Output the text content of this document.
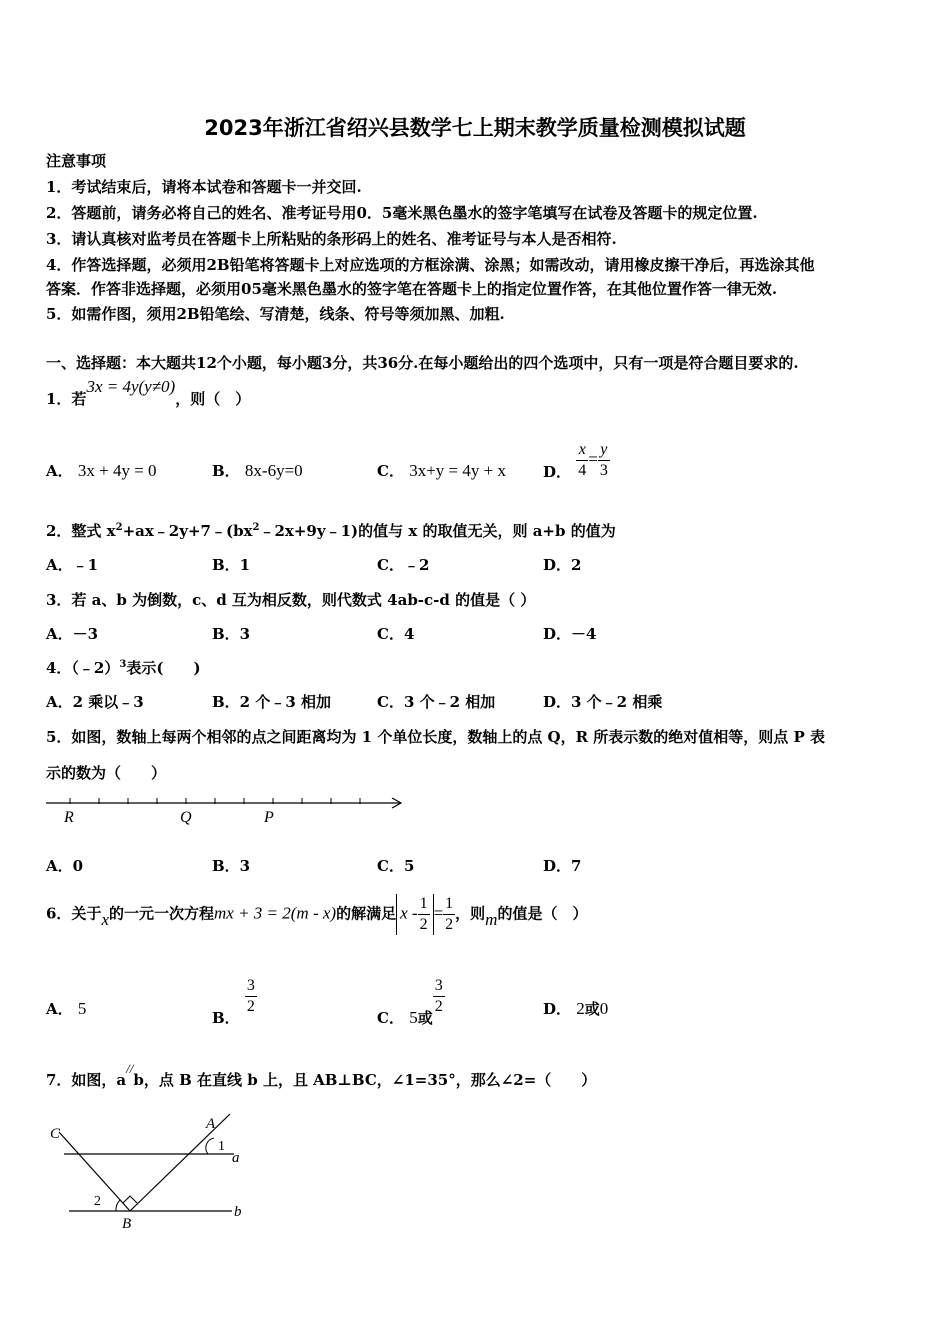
2023年浙江省绍兴县数学七上期末教学质量检测模拟试题
注意事项
1．考试结束后，请将本试卷和答题卡一并交回.
2．答题前，请务必将自己的姓名、准考证号用0．5毫米黑色墨水的签字笔填写在试卷及答题卡的规定位置.
3．请认真核对监考员在答题卡上所粘贴的条形码上的姓名、准考证号与本人是否相符.
4．作答选择题，必须用2B铅笔将答题卡上对应选项的方框涂满、涂黑；如需改动，请用橡皮擦干净后，再选涂其他
答案．作答非选择题，必须用05毫米黑色墨水的签字笔在答题卡上的指定位置作答，在其他位置作答一律无效.
5．如需作图，须用2B铅笔绘、写清楚，线条、符号等须加黑、加粗.
一、选择题：本大题共12个小题，每小题3分，共36分.在每小题给出的四个选项中，只有一项是符合题目要求的.
1．若3x = 4y(y≠0)，则（　）
A． 3x + 4y = 0	B． 8x-6y=0	C． 3x+y = 4y + x D． $\frac{x}{4} = \frac{y}{3}$
2．整式 $x^2+ax﹣2y+7﹣(bx^2﹣2x+9y﹣1)$的值与 x 的取值无关，则 a+b 的值为
A．﹣1	B．1	C．﹣2	D．2
3．若 a、b 为倒数，c、d 互为相反数，则代数式 4ab-c-d 的值是（ ）
A．－3	B．3	C．4	D．－4
4．（﹣2）$^3$表示(　　)
A．2 乘以﹣3	B．2 个﹣3 相加	C．3 个﹣2 相加	D．3 个﹣2 相乘
5．如图，数轴上每两个相邻的点之间距离均为 1 个单位长度，数轴上的点 Q，R 所表示数的绝对值相等，则点 P 表
示的数为（　　）
R	Q	P
A．0	B．3	C．5	D．7
6．关于x的一元一次方程mx + 3 = 2(m - x)的解满足 $x - \frac{1}{2} = \frac{1}{2}$ ，则m的值是（　）
A． 5	B．
$\frac{3}{2}$
C． 5或
$\frac{3}{2}$	D． 2或0
7．如图，a//b，点 B 在直线 b 上，且 AB⊥BC，∠1=35°，那么∠2=（　　）
C
A
1
a
2
B
b
